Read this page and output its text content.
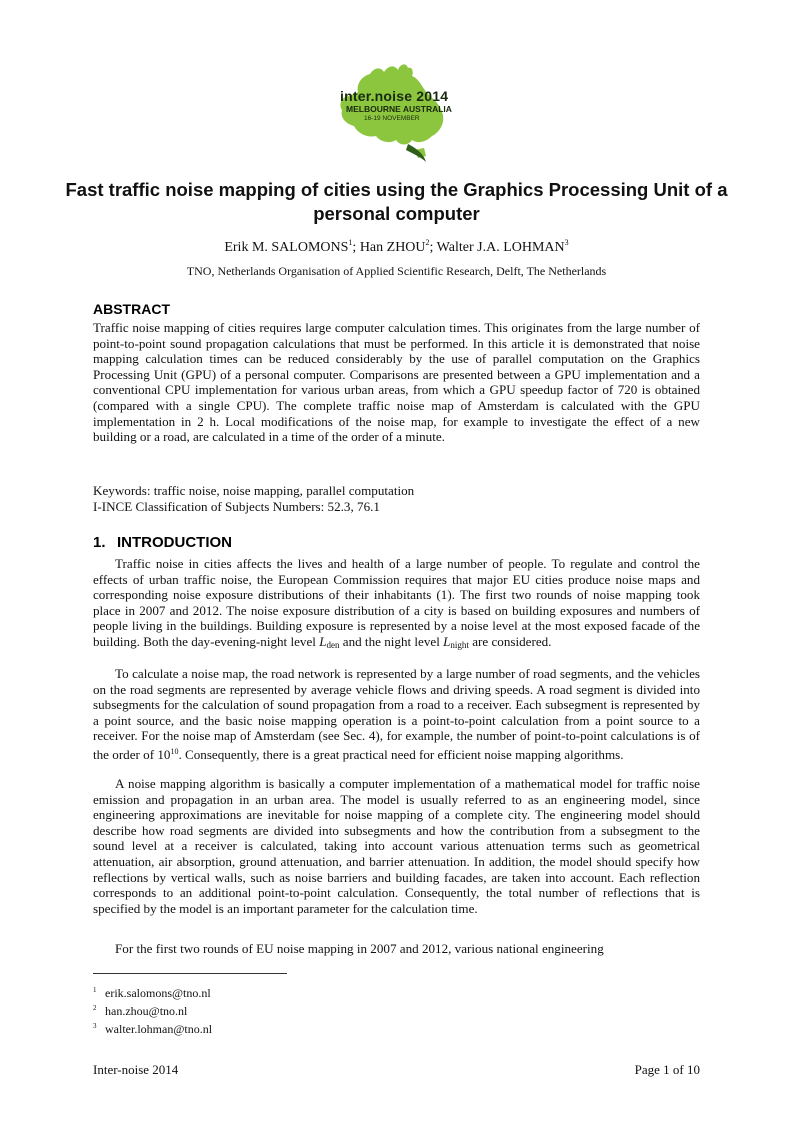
inter.noise 2014
MELBOURNE AUSTRALIA
16-19 NOVEMBER
Fast traffic noise mapping of cities using the Graphics Processing Unit of a personal computer
Erik M. SALOMONS$^1$; Han ZHOU$^2$; Walter J.A. LOHMAN$^3$
TNO, Netherlands Organisation of Applied Scientific Research, Delft, The Netherlands
ABSTRACT
Traffic noise mapping of cities requires large computer calculation times. This originates from the large number of point-to-point sound propagation calculations that must be performed. In this article it is demonstrated that noise mapping calculation times can be reduced considerably by the use of parallel computation on the Graphics Processing Unit (GPU) of a personal computer. Comparisons are presented between a GPU implementation and a conventional CPU implementation for various urban areas, from which a GPU speedup factor of 720 is obtained (compared with a single CPU). The complete traffic noise map of Amsterdam is calculated with the GPU implementation in 2 h. Local modifications of the noise map, for example to investigate the effect of a new building or a road, are calculated in a time of the order of a minute.
Keywords: traffic noise, noise mapping, parallel computation
I-INCE Classification of Subjects Numbers: 52.3, 76.1
1. INTRODUCTION
Traffic noise in cities affects the lives and health of a large number of people. To regulate and control the effects of urban traffic noise, the European Commission requires that major EU cities produce noise maps and corresponding noise exposure distributions of their inhabitants (1). The first two rounds of noise mapping took place in 2007 and 2012. The noise exposure distribution of a city is based on building exposures and numbers of people living in the buildings. Building exposure is represented by a noise level at the most exposed facade of the building. Both the day-evening-night level $L_{den}$ and the night level $L_{night}$ are considered.
To calculate a noise map, the road network is represented by a large number of road segments, and the vehicles on the road segments are represented by average vehicle flows and driving speeds. A road segment is divided into subsegments for the calculation of sound propagation from a road to a receiver. Each subsegment is represented by a point source, and the basic noise mapping operation is a point-to-point calculation from a point source to a receiver. For the noise map of Amsterdam (see Sec. 4), for example, the number of point-to-point calculations is of the order of $10^{10}$. Consequently, there is a great practical need for efficient noise mapping algorithms.
A noise mapping algorithm is basically a computer implementation of a mathematical model for traffic noise emission and propagation in an urban area. The model is usually referred to as an engineering model, since engineering approximations are inevitable for noise mapping of a complete city. The engineering model should describe how road segments are divided into subsegments and how the contribution from a subsegment to the sound level at a receiver is calculated, taking into account various attenuation terms such as geometrical attenuation, air absorption, ground attenuation, and barrier attenuation. In addition, the model should specify how reflections by vertical walls, such as noise barriers and building facades, are taken into account. Each reflection corresponds to an additional point-to-point calculation. Consequently, the total number of reflections that is specified by the model is an important parameter for the calculation time.
For the first two rounds of EU noise mapping in 2007 and 2012, various national engineering
$^1$ erik.salomons@tno.nl
$^2$ han.zhou@tno.nl
$^3$ walter.lohman@tno.nl
Inter-noise 2014	Page 1 of 10
